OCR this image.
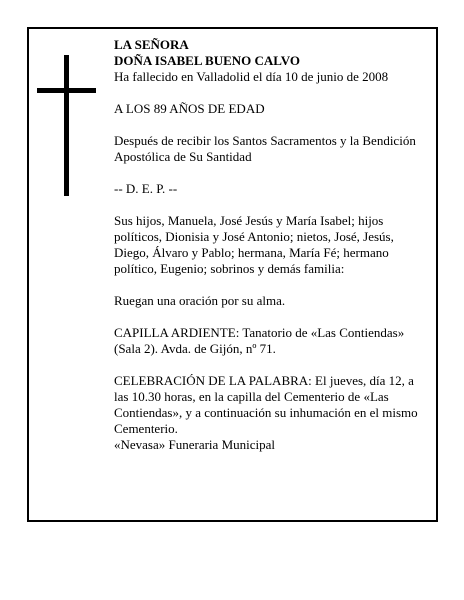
LA SEÑORA
DOÑA ISABEL BUENO CALVO
Ha fallecido en Valladolid el día 10 de junio de 2008

A LOS 89 AÑOS DE EDAD

Después de recibir los Santos Sacramentos y la Bendición Apostólica de Su Santidad

-- D. E. P. --

Sus hijos, Manuela, José Jesús y María Isabel; hijos políticos, Dionisia y José Antonio; nietos, José, Jesús, Diego, Álvaro y Pablo; hermana, María Fé; hermano político, Eugenio; sobrinos y demás familia:

Ruegan una oración por su alma.

CAPILLA ARDIENTE: Tanatorio de «Las Contiendas» (Sala 2). Avda. de Gijón, nº 71.

CELEBRACIÓN DE LA PALABRA: El jueves, día 12, a las 10.30 horas, en la capilla del Cementerio de «Las Contiendas», y a continuación su inhumación en el mismo Cementerio.
«Nevasa» Funeraria Municipal
